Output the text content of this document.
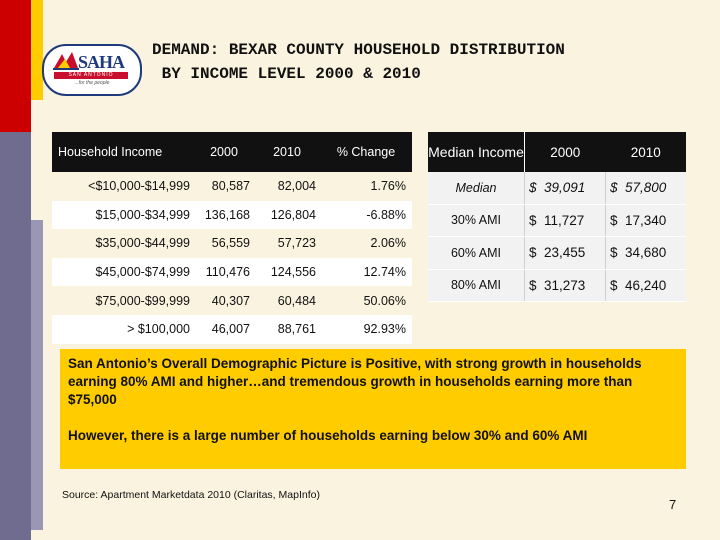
SAHA
SAN ANTONIO
...for the people
DEMAND: BEXAR COUNTY HOUSEHOLD DISTRIBUTION
BY INCOME LEVEL 2000 & 2010
Household Income	2000	2010	% Change
<$10,000-$14,999	80,587	82,004	1.76%
$15,000-$34,999	136,168	126,804	-6.88%
$35,000-$44,999	56,559	57,723	2.06%
$45,000-$74,999	110,476	124,556	12.74%
$75,000-$99,999	40,307	60,484	50.06%
> $100,000	46,007	88,761	92.93%
Median Income	2000	2010
Median	$  39,091	$  57,800
30% AMI	$  11,727	$  17,340
60% AMI	$  23,455	$  34,680
80% AMI	$  31,273	$  46,240

San Antonio’s Overall Demographic Picture is Positive, with strong growth in households earning 80% AMI and higher…and tremendous growth in households earning more than $75,000

However, there is a large number of households earning below 30% and 60% AMI

Source: Apartment Marketdata 2010 (Claritas, MapInfo)
7
